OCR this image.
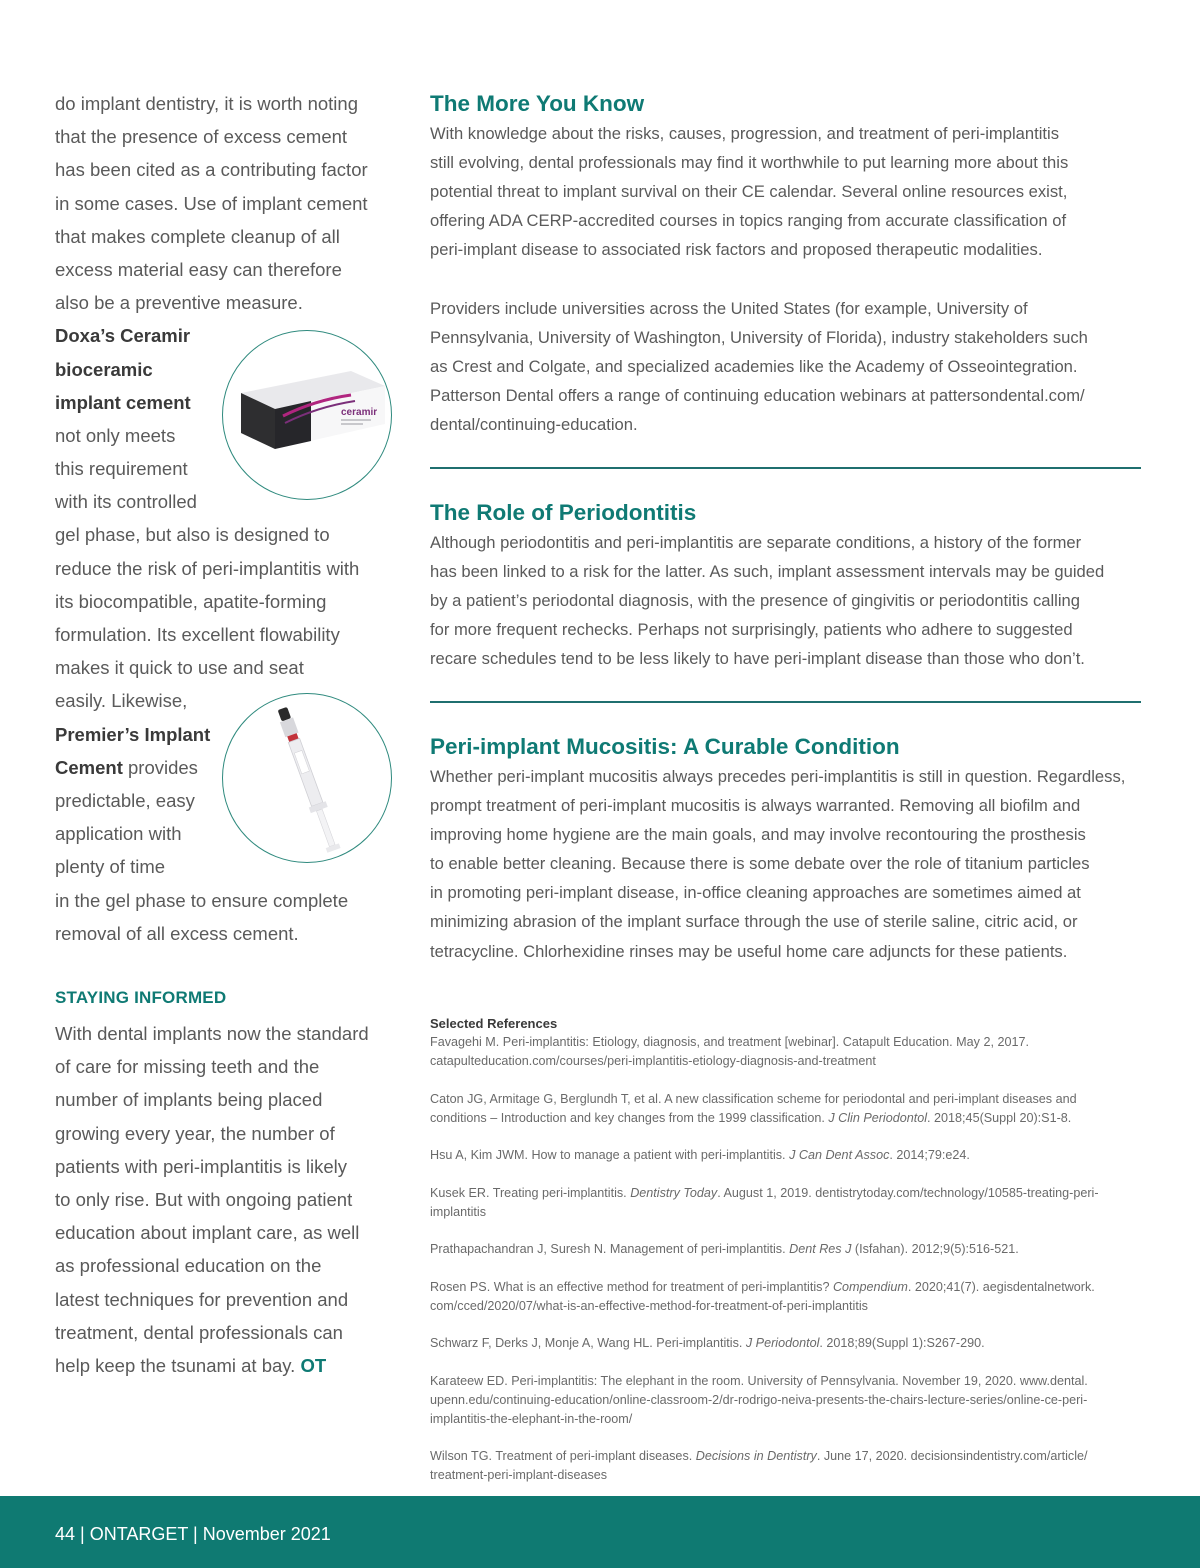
do implant dentistry, it is worth noting

that the presence of excess cement

has been cited as a contributing factor

in some cases. Use of implant cement

that makes complete cleanup of all

excess material easy can therefore

also be a preventive measure.

Doxa’s Ceramir

bioceramic

implant cement

not only meets

this requirement

with its controlled

gel phase, but also is designed to

reduce the risk of peri-implantitis with

its biocompatible, apatite-forming

formulation. Its excellent flowability

makes it quick to use and seat

easily. Likewise,

Premier’s Implant

Cement provides

predictable, easy

application with

plenty of time

in the gel phase to ensure complete

removal of all excess cement.

ceramir
STAYING INFORMED

With dental implants now the standard

of care for missing teeth and the

number of implants being placed

growing every year, the number of

patients with peri-implantitis is likely

to only rise. But with ongoing patient

education about implant care, as well

as professional education on the

latest techniques for prevention and

treatment, dental professionals can

help keep the tsunami at bay. OT

The More You Know

With knowledge about the risks, causes, progression, and treatment of peri-implantitis

still evolving, dental professionals may find it worthwhile to put learning more about this

potential threat to implant survival on their CE calendar. Several online resources exist,

offering ADA CERP-accredited courses in topics ranging from accurate classification of

peri-implant disease to associated risk factors and proposed therapeutic modalities.

Providers include universities across the United States (for example, University of

Pennsylvania, University of Washington, University of Florida), industry stakeholders such

as Crest and Colgate, and specialized academies like the Academy of Osseointegration.

Patterson Dental offers a range of continuing education webinars at pattersondental.com/

dental/continuing-education.

The Role of Periodontitis

Although periodontitis and peri-implantitis are separate conditions, a history of the former

has been linked to a risk for the latter. As such, implant assessment intervals may be guided

by a patient’s periodontal diagnosis, with the presence of gingivitis or periodontitis calling

for more frequent rechecks. Perhaps not surprisingly, patients who adhere to suggested

recare schedules tend to be less likely to have peri-implant disease than those who don’t.

Peri-implant Mucositis: A Curable Condition

Whether peri-implant mucositis always precedes peri-implantitis is still in question. Regardless,

prompt treatment of peri-implant mucositis is always warranted. Removing all biofilm and

improving home hygiene are the main goals, and may involve recontouring the prosthesis

to enable better cleaning. Because there is some debate over the role of titanium particles

in promoting peri-implant disease, in-office cleaning approaches are sometimes aimed at

minimizing abrasion of the implant surface through the use of sterile saline, citric acid, or

tetracycline. Chlorhexidine rinses may be useful home care adjuncts for these patients.

Selected References

Favagehi M. Peri-implantitis: Etiology, diagnosis, and treatment [webinar]. Catapult Education. May 2, 2017.

catapulteducation.com/courses/peri-implantitis-etiology-diagnosis-and-treatment

Caton JG, Armitage G, Berglundh T, et al. A new classification scheme for periodontal and peri-implant diseases and

conditions – Introduction and key changes from the 1999 classification. J Clin Periodontol. 2018;45(Suppl 20):S1-8.

Hsu A, Kim JWM. How to manage a patient with peri-implantitis. J Can Dent Assoc. 2014;79:e24.

Kusek ER. Treating peri-implantitis. Dentistry Today. August 1, 2019. dentistrytoday.com/technology/10585-treating-peri-

implantitis

Prathapachandran J, Suresh N. Management of peri-implantitis. Dent Res J (Isfahan). 2012;9(5):516-521.

Rosen PS. What is an effective method for treatment of peri-implantitis? Compendium. 2020;41(7). aegisdentalnetwork.

com/cced/2020/07/what-is-an-effective-method-for-treatment-of-peri-implantitis

Schwarz F, Derks J, Monje A, Wang HL. Peri-implantitis. J Periodontol. 2018;89(Suppl 1):S267-290.

Karateew ED. Peri-implantitis: The elephant in the room. University of Pennsylvania. November 19, 2020. www.dental.

upenn.edu/continuing-education/online-classroom-2/dr-rodrigo-neiva-presents-the-chairs-lecture-series/online-ce-peri-

implantitis-the-elephant-in-the-room/

Wilson TG. Treatment of peri-implant diseases. Decisions in Dentistry. June 17, 2020. decisionsindentistry.com/article/

treatment-peri-implant-diseases

44 | ONTARGET | November 2021
